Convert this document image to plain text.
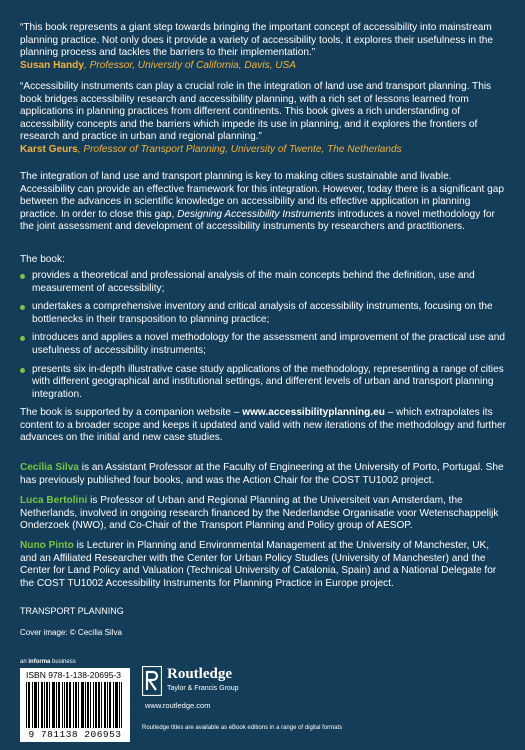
“This book represents a giant step towards bringing the important concept of accessibility into mainstream planning practice. Not only does it provide a variety of accessibility tools, it explores their usefulness in the planning process and tackles the barriers to their implementation.”
Susan Handy, Professor, University of California, Davis, USA
“Accessibility instruments can play a crucial role in the integration of land use and transport planning. This book bridges accessibility research and accessibility planning, with a rich set of lessons learned from applications in planning practices from different continents. This book gives a rich understanding of accessibility concepts and the barriers which impede its use in planning, and it explores the frontiers of research and practice in urban and regional planning.”
Karst Geurs, Professor of Transport Planning, University of Twente, The Netherlands
The integration of land use and transport planning is key to making cities sustainable and livable. Accessibility can provide an effective framework for this integration. However, today there is a significant gap between the advances in scientific knowledge on accessibility and its effective application in planning practice. In order to close this gap, Designing Accessibility Instruments introduces a novel methodology for the joint assessment and development of accessibility instruments by researchers and practitioners.
The book:
provides a theoretical and professional analysis of the main concepts behind the definition, use and measurement of accessibility;
undertakes a comprehensive inventory and critical analysis of accessibility instruments, focusing on the bottlenecks in their transposition to planning practice;
introduces and applies a novel methodology for the assessment and improvement of the practical use and usefulness of accessibility instruments;
presents six in-depth illustrative case study applications of the methodology, representing a range of cities with different geographical and institutional settings, and different levels of urban and transport planning integration.
The book is supported by a companion website – www.accessibilityplanning.eu – which extrapolates its content to a broader scope and keeps it updated and valid with new iterations of the methodology and further advances on the initial and new case studies.
Cecília Silva is an Assistant Professor at the Faculty of Engineering at the University of Porto, Portugal. She has previously published four books, and was the Action Chair for the COST TU1002 project.
Luca Bertolini is Professor of Urban and Regional Planning at the Universiteit van Amsterdam, the Netherlands, involved in ongoing research financed by the Nederlandse Organisatie voor Wetenschappelijk Onderzoek (NWO), and Co-Chair of the Transport Planning and Policy group of AESOP.
Nuno Pinto is Lecturer in Planning and Environmental Management at the University of Manchester, UK, and an Affiliated Researcher with the Center for Urban Policy Studies (University of Manchester) and the Center for Land Policy and Valuation (Technical University of Catalonia, Spain) and a National Delegate for the COST TU1002 Accessibility Instruments for Planning Practice in Europe project.
TRANSPORT PLANNING
Cover image: © Cecília Silva
an informa business
ISBN 978-1-138-20695-3
9 781138 206953
Routledge
Taylor & Francis Group
www.routledge.com
Routledge titles are available as eBook editions in a range of digital formats
